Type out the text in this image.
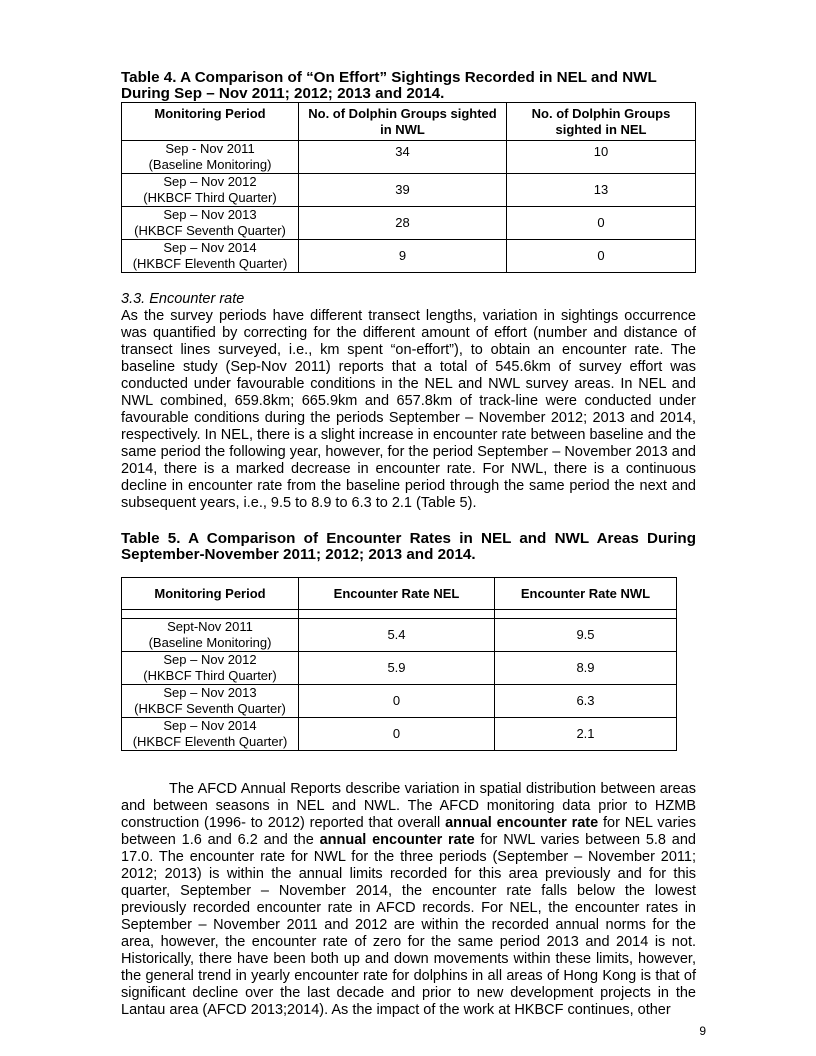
Table 4. A Comparison of “On Effort” Sightings Recorded in NEL and NWL During Sep – Nov 2011; 2012; 2013 and 2014.

Monitoring Period	No. of Dolphin Groups sighted in NWL	No. of Dolphin Groups sighted in NEL

Sep - Nov 2011
(Baseline Monitoring)	34	10

Sep – Nov 2012
(HKBCF Third Quarter)	39	13

Sep – Nov 2013
(HKBCF Seventh Quarter)	28	0

Sep – Nov 2014
(HKBCF Eleventh Quarter)	9	0

3.3. Encounter rate

As the survey periods have different transect lengths, variation in sightings occurrence was quantified by correcting for the different amount of effort (number and distance of transect lines surveyed, i.e., km spent “on-effort”), to obtain an encounter rate. The baseline study (Sep-Nov 2011) reports that a total of 545.6km of survey effort was conducted under favourable conditions in the NEL and NWL survey areas. In NEL and NWL combined, 659.8km; 665.9km and 657.8km of track-line were conducted under favourable conditions during the periods September – November 2012; 2013 and 2014, respectively. In NEL, there is a slight increase in encounter rate between baseline and the same period the following year, however, for the period September – November 2013 and 2014, there is a marked decrease in encounter rate. For NWL, there is a continuous decline in encounter rate from the baseline period through the same period the next and subsequent years, i.e., 9.5 to 8.9 to 6.3 to 2.1 (Table 5).

Table 5. A Comparison of Encounter Rates in NEL and NWL Areas During September-November 2011; 2012; 2013 and 2014.

Monitoring Period	Encounter Rate NEL	Encounter Rate NWL

Sept-Nov 2011
(Baseline Monitoring)	5.4	9.5

Sep – Nov 2012
(HKBCF Third Quarter)	5.9	8.9

Sep – Nov 2013
(HKBCF Seventh Quarter)	0	6.3

Sep – Nov 2014
(HKBCF Eleventh Quarter)	0	2.1

The AFCD Annual Reports describe variation in spatial distribution between areas and between seasons in NEL and NWL. The AFCD monitoring data prior to HZMB construction (1996- to 2012) reported that overall annual encounter rate for NEL varies between 1.6 and 6.2 and the annual encounter rate for NWL varies between 5.8 and 17.0. The encounter rate for NWL for the three periods (September – November 2011; 2012; 2013) is within the annual limits recorded for this area previously and for this quarter, September – November 2014, the encounter rate falls below the lowest previously recorded encounter rate in AFCD records. For NEL, the encounter rates in September – November 2011 and 2012 are within the recorded annual norms for the area, however, the encounter rate of zero for the same period 2013 and 2014 is not. Historically, there have been both up and down movements within these limits, however, the general trend in yearly encounter rate for dolphins in all areas of Hong Kong is that of significant decline over the last decade and prior to new development projects in the Lantau area (AFCD 2013;2014). As the impact of the work at HKBCF continues, other

9
